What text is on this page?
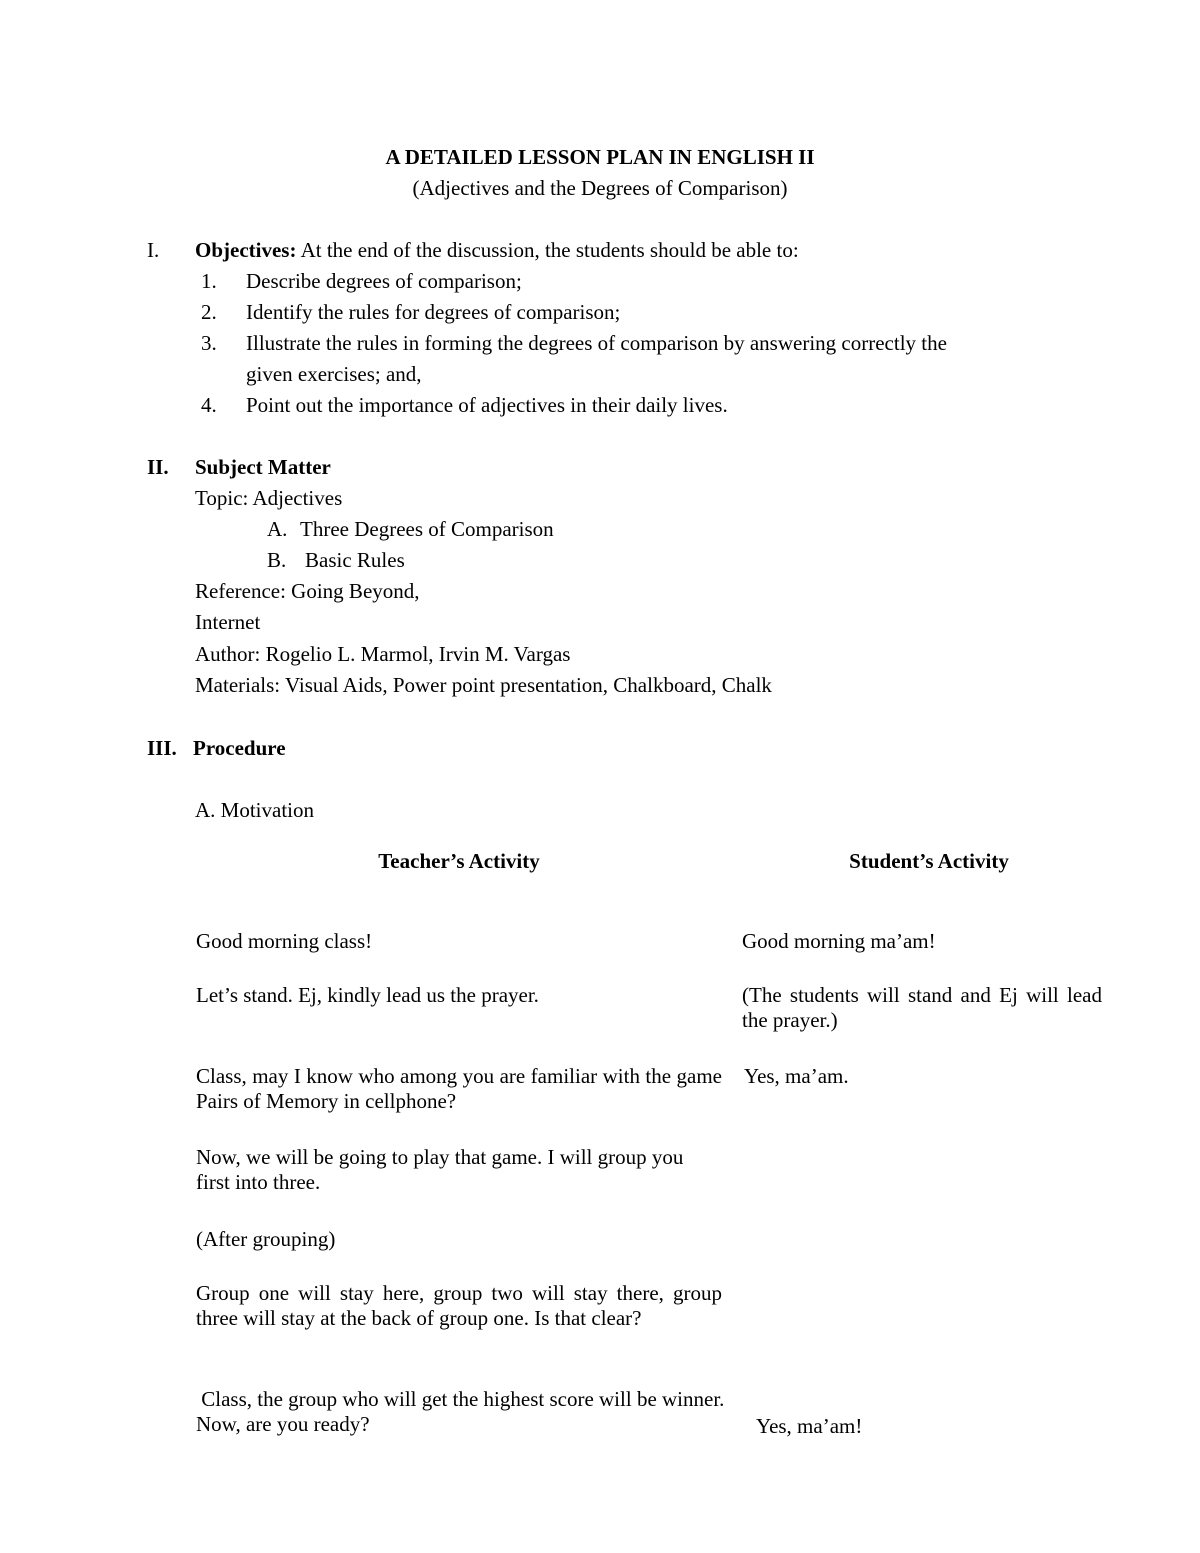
A DETAILED LESSON PLAN IN ENGLISH II
(Adjectives and the Degrees of Comparison)
I. Objectives: At the end of the discussion, the students should be able to:
1. Describe degrees of comparison;
2. Identify the rules for degrees of comparison;
3. Illustrate the rules in forming the degrees of comparison by answering correctly the
given exercises; and,
4. Point out the importance of adjectives in their daily lives.
II. Subject Matter
Topic: Adjectives
A. Three Degrees of Comparison
B. Basic Rules
Reference: Going Beyond,
Internet
Author: Rogelio L. Marmol, Irvin M. Vargas
Materials: Visual Aids, Power point presentation, Chalkboard, Chalk
III. Procedure
A. Motivation
Teacher’s Activity	Student’s Activity
Good morning class!
Let’s stand. Ej, kindly lead us the prayer.
Class, may I know who among you are familiar with the game Pairs of Memory in cellphone?
Now, we will be going to play that game. I will group you first into three.
(After grouping)
Group one will stay here, group two will stay there, group three will stay at the back of group one. Is that clear?
Class, the group who will get the highest score will be winner. Now, are you ready?
Good morning ma’am!
(The students will stand and Ej will lead the prayer.)
Yes, ma’am.
Yes, ma’am!
